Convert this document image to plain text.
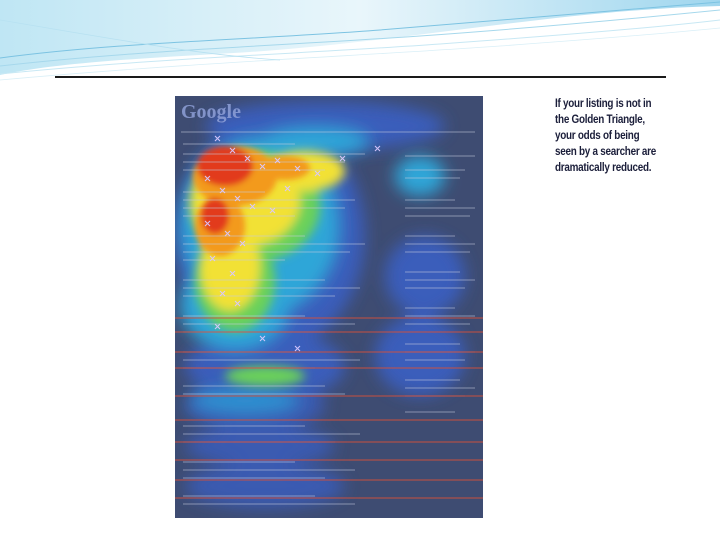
Google	If your listing is not in
the Golden Triangle,
your odds of being
seen by a searcher are
dramatically reduced.
